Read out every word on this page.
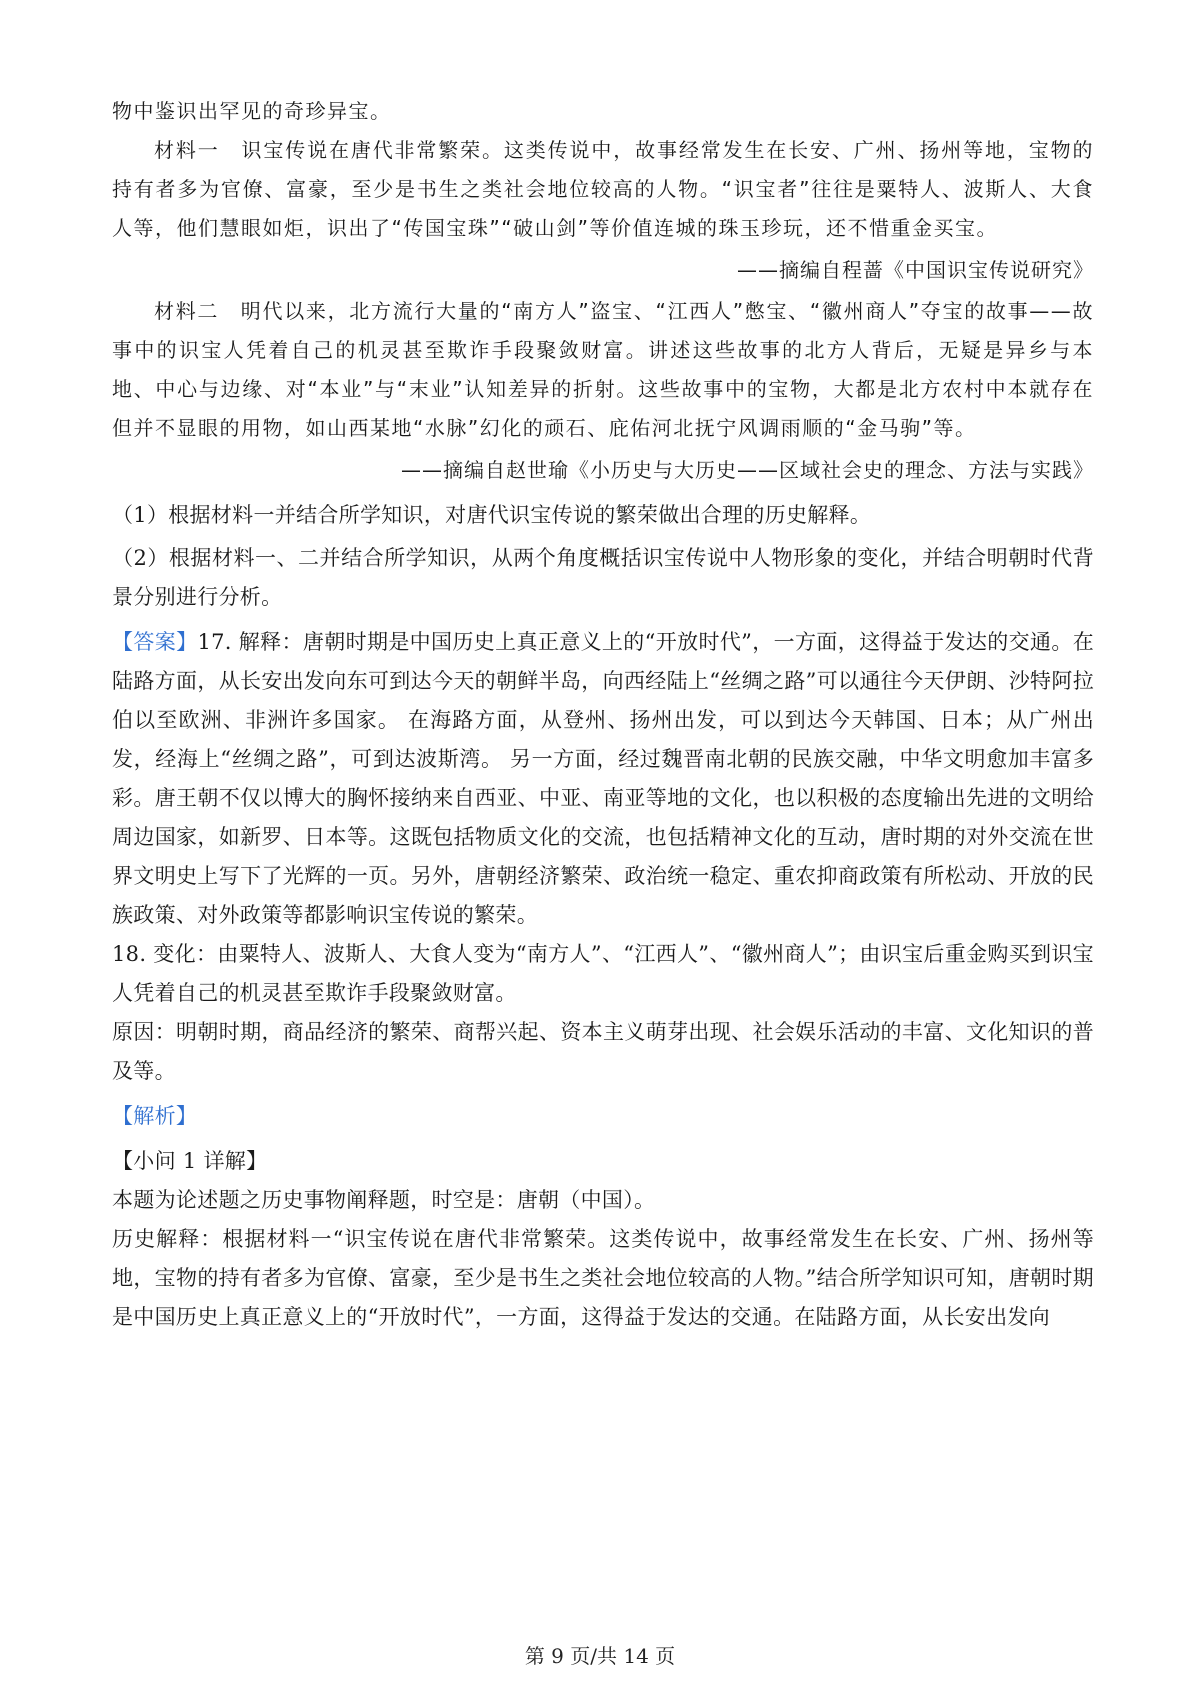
物中鉴识出罕见的奇珍异宝。

材料一　识宝传说在唐代非常繁荣。这类传说中，故事经常发生在长安、广州、扬州等地，宝物的持有者多为官僚、富豪，至少是书生之类社会地位较高的人物。“识宝者”往往是粟特人、波斯人、大食人等，他们慧眼如炬，识出了“传国宝珠”“破山剑”等价值连城的珠玉珍玩，还不惜重金买宝。

——摘编自程蔷《中国识宝传说研究》

材料二　明代以来，北方流行大量的“南方人”盗宝、“江西人”憋宝、“徽州商人”夺宝的故事——故事中的识宝人凭着自己的机灵甚至欺诈手段聚敛财富。讲述这些故事的北方人背后，无疑是异乡与本地、中心与边缘、对“本业”与“末业”认知差异的折射。这些故事中的宝物，大都是北方农村中本就存在但并不显眼的用物，如山西某地“水脉”幻化的顽石、庇佑河北抚宁风调雨顺的“金马驹”等。

——摘编自赵世瑜《小历史与大历史——区域社会史的理念、方法与实践》

（1）根据材料一并结合所学知识，对唐代识宝传说的繁荣做出合理的历史解释。

（2）根据材料一、二并结合所学知识，从两个角度概括识宝传说中人物形象的变化，并结合明朝时代背景分别进行分析。

【答案】17. 解释：唐朝时期是中国历史上真正意义上的“开放时代”，一方面，这得益于发达的交通。在陆路方面，从长安出发向东可到达今天的朝鲜半岛，向西经陆上“丝绸之路”可以通往今天伊朗、沙特阿拉伯以至欧洲、非洲许多国家。 在海路方面，从登州、扬州出发，可以到达今天韩国、日本；从广州出发，经海上“丝绸之路”，可到达波斯湾。 另一方面，经过魏晋南北朝的民族交融，中华文明愈加丰富多彩。唐王朝不仅以博大的胸怀接纳来自西亚、中亚、南亚等地的文化，也以积极的态度输出先进的文明给周边国家，如新罗、日本等。这既包括物质文化的交流，也包括精神文化的互动，唐时期的对外交流在世界文明史上写下了光辉的一页。另外，唐朝经济繁荣、政治统一稳定、重农抑商政策有所松动、开放的民族政策、对外政策等都影响识宝传说的繁荣。

18. 变化：由粟特人、波斯人、大食人变为“南方人”、“江西人”、“徽州商人”；由识宝后重金购买到识宝人凭着自己的机灵甚至欺诈手段聚敛财富。

原因：明朝时期，商品经济的繁荣、商帮兴起、资本主义萌芽出现、社会娱乐活动的丰富、文化知识的普及等。

【解析】

【小问 1 详解】

本题为论述题之历史事物阐释题，时空是：唐朝（中国）。

历史解释：根据材料一“识宝传说在唐代非常繁荣。这类传说中，故事经常发生在长安、广州、扬州等地，宝物的持有者多为官僚、富豪，至少是书生之类社会地位较高的人物。”结合所学知识可知，唐朝时期是中国历史上真正意义上的“开放时代”，一方面，这得益于发达的交通。在陆路方面，从长安出发向

第 9 页/共 14 页
